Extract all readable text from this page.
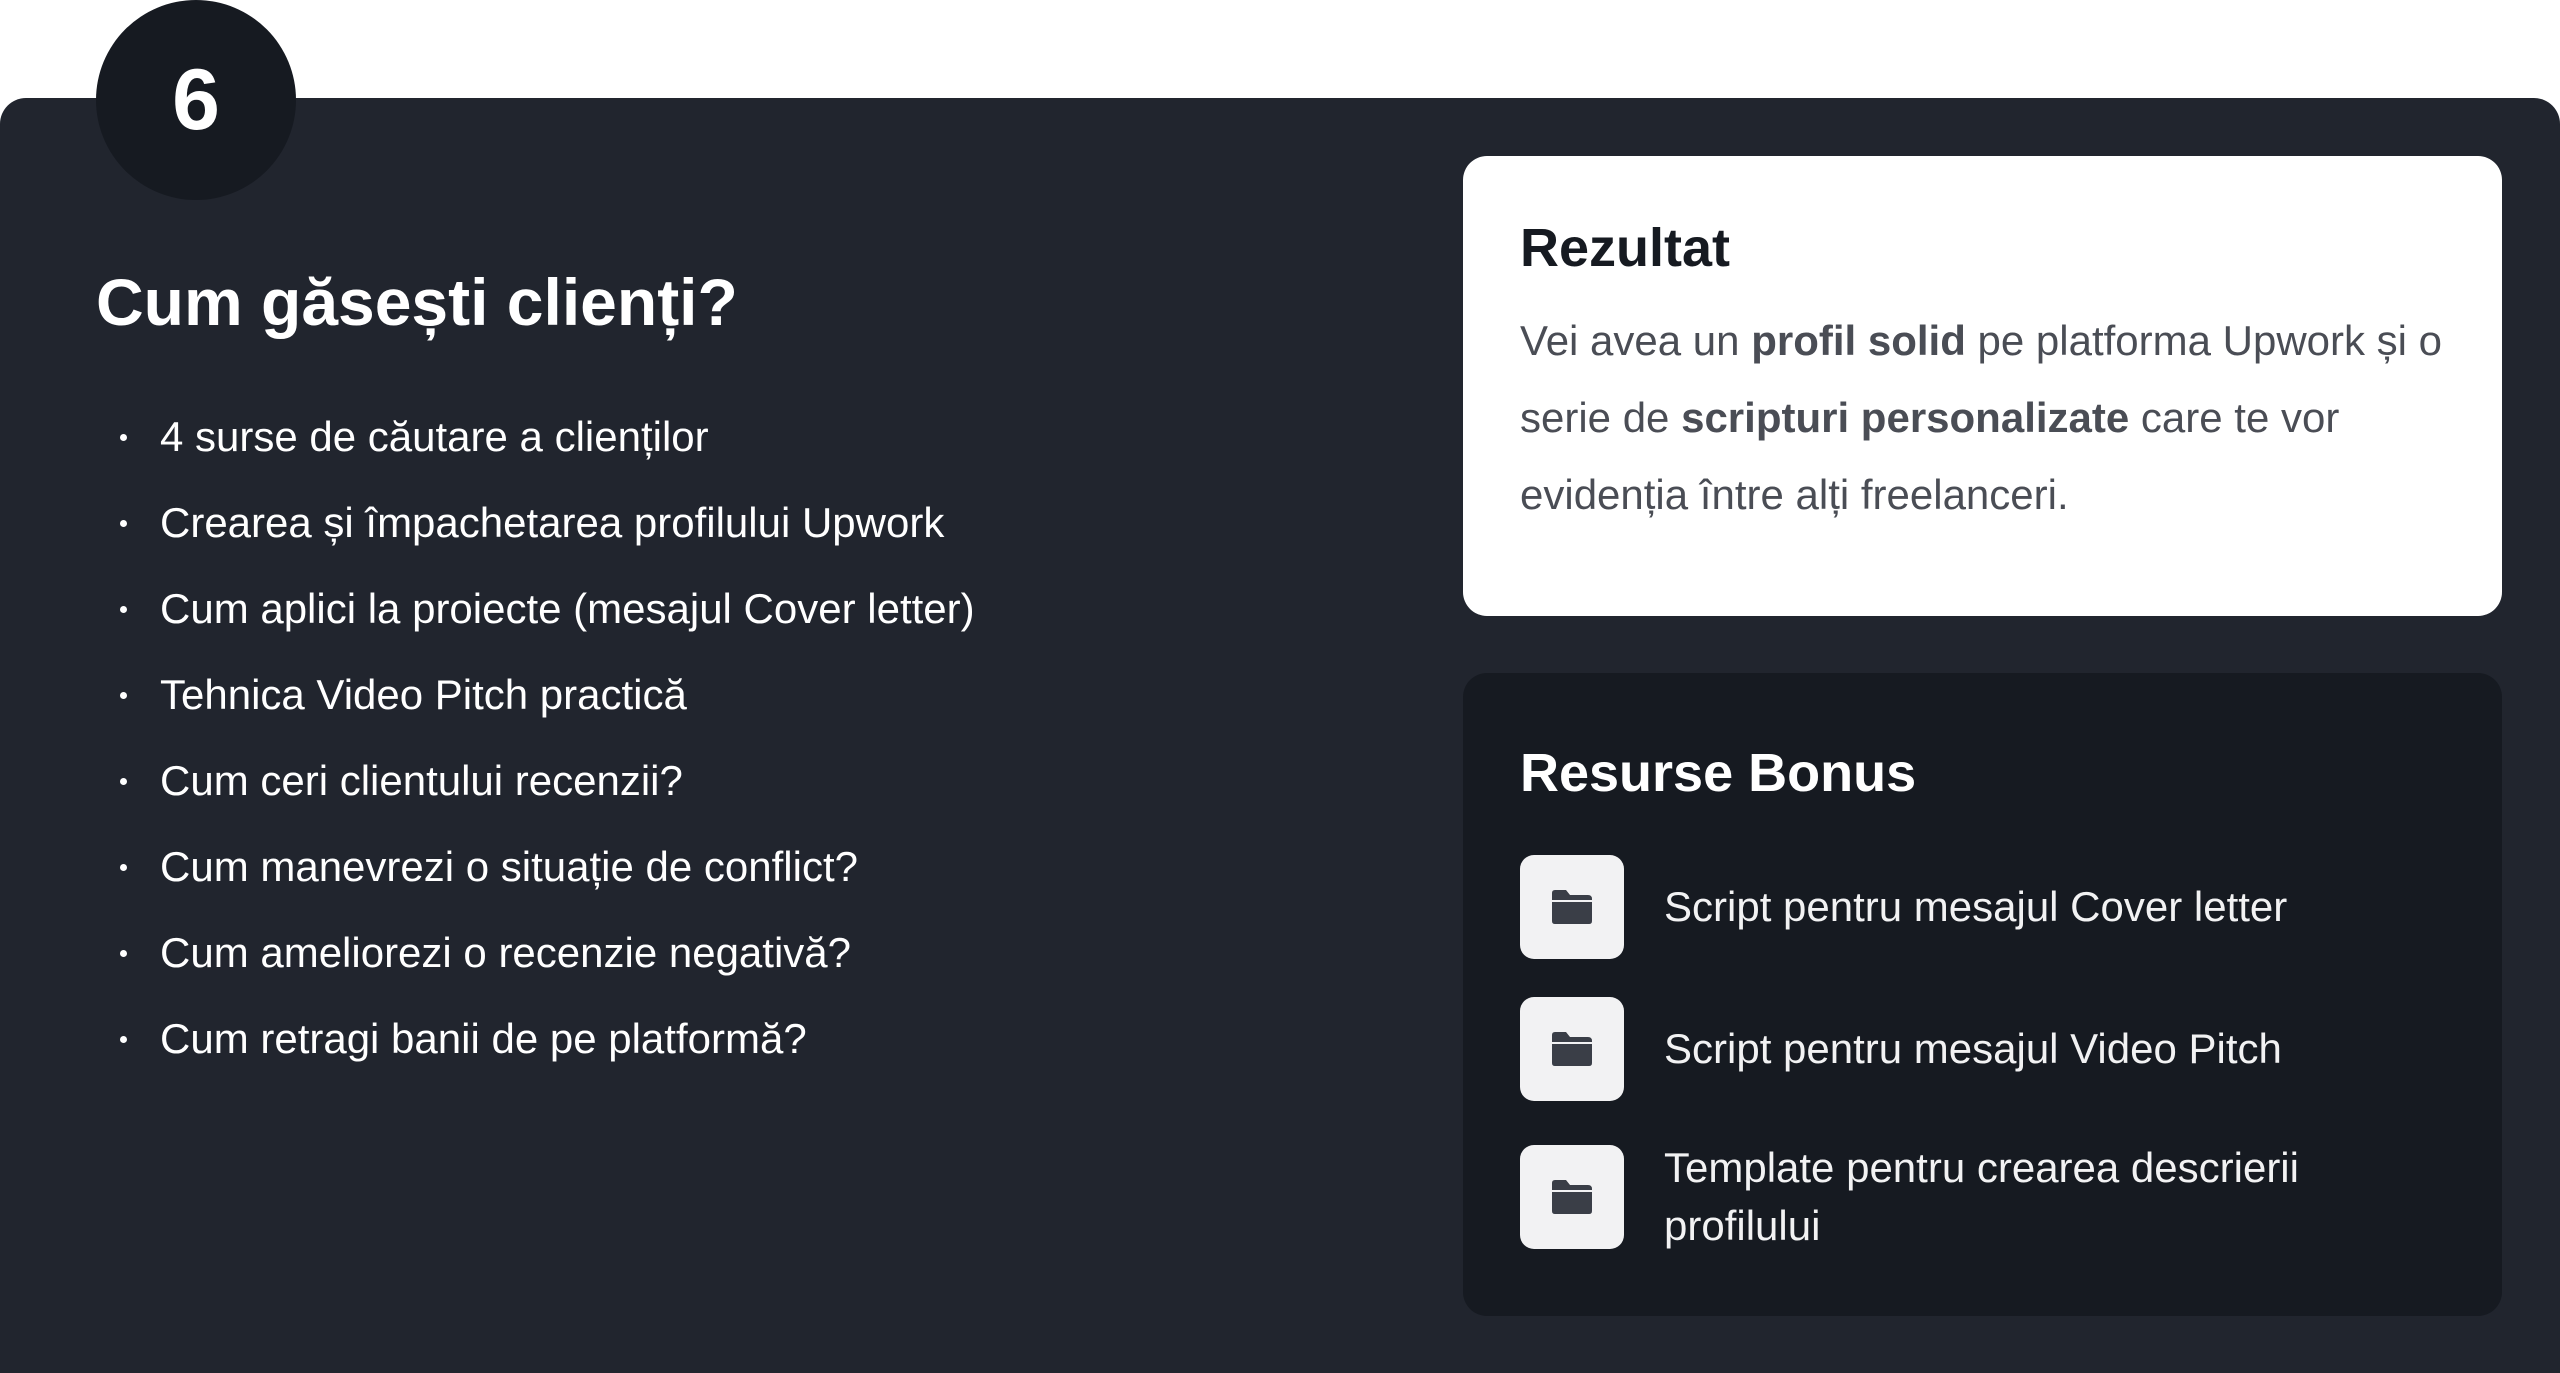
6
Cum găsești clienți?
4 surse de căutare a clienților
Crearea și împachetarea profilului Upwork
Cum aplici la proiecte (mesajul Cover letter)
Tehnica Video Pitch practică
Cum ceri clientului recenzii?
Cum manevrezi o situație de conflict?
Cum ameliorezi o recenzie negativă?
Cum retragi banii de pe platformă?
Rezultat

Vei avea un profil solid pe platforma Upwork și o serie de scripturi personalizate care te vor evidenția între alți freelanceri.

Resurse Bonus
Script pentru mesajul Cover letter
Script pentru mesajul Video Pitch
Template pentru crearea descrierii profilului
